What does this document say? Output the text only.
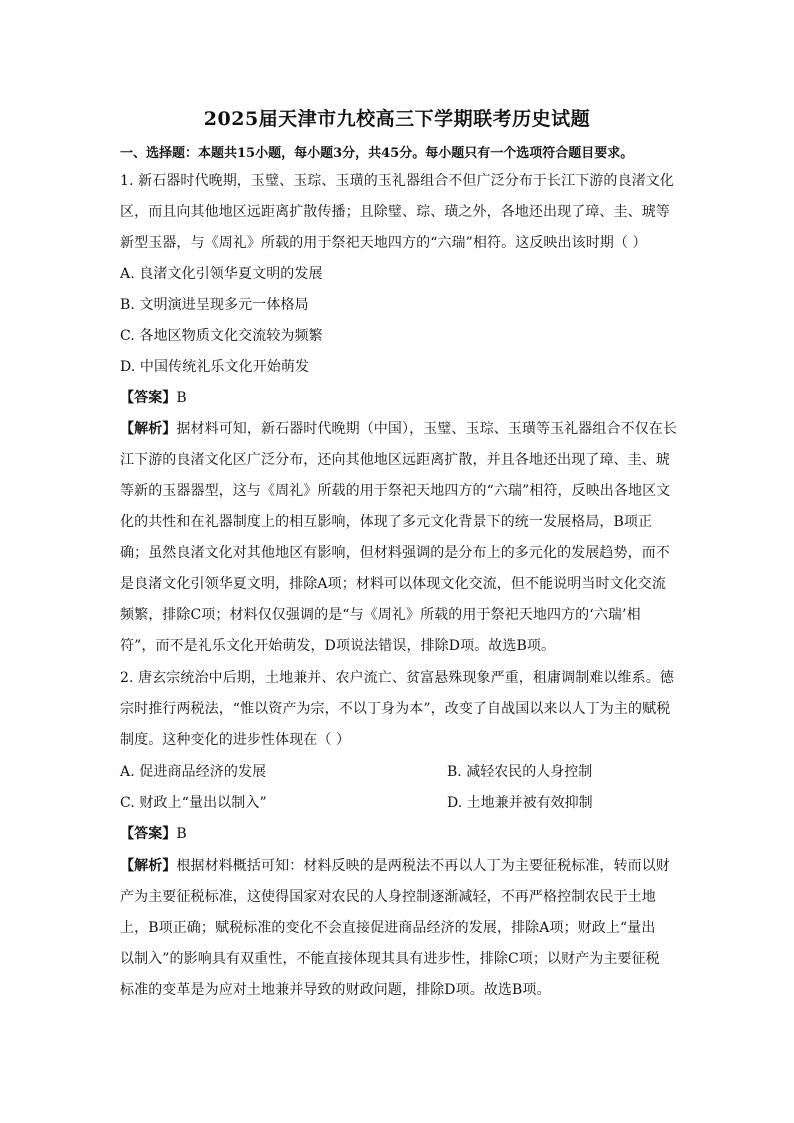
2025届天津市九校高三下学期联考历史试题
一、选择题：本题共15小题，每小题3分，共45分。每小题只有一个选项符合题目要求。
1. 新石器时代晚期，玉璧、玉琮、玉璜的玉礼器组合不但广泛分布于长江下游的良渚文化
区，而且向其他地区远距离扩散传播；且除璧、琮、璜之外，各地还出现了璋、圭、琥等
新型玉器，与《周礼》所载的用于祭祀天地四方的“六瑞”相符。这反映出该时期（ ）
A. 良渚文化引领华夏文明的发展
B. 文明演进呈现多元一体格局
C. 各地区物质文化交流较为频繁
D. 中国传统礼乐文化开始萌发
【答案】B
【解析】据材料可知，新石器时代晚期（中国），玉璧、玉琮、玉璜等玉礼器组合不仅在长
江下游的良渚文化区广泛分布，还向其他地区远距离扩散，并且各地还出现了璋、圭、琥
等新的玉器器型，这与《周礼》所载的用于祭祀天地四方的“六瑞”相符，反映出各地区文
化的共性和在礼器制度上的相互影响，体现了多元文化背景下的统一发展格局，B项正
确；虽然良渚文化对其他地区有影响，但材料强调的是分布上的多元化的发展趋势，而不
是良渚文化引领华夏文明，排除A项；材料可以体现文化交流，但不能说明当时文化交流
频繁，排除C项；材料仅仅强调的是“与《周礼》所载的用于祭祀天地四方的‘六瑞’相
符”，而不是礼乐文化开始萌发，D项说法错误，排除D项。故选B项。
2. 唐玄宗统治中后期，土地兼并、农户流亡、贫富悬殊现象严重，租庸调制难以维系。德
宗时推行两税法，“惟以资产为宗，不以丁身为本”，改变了自战国以来以人丁为主的赋税
制度。这种变化的进步性体现在（ ）
A. 促进商品经济的发展	B. 减轻农民的人身控制
C. 财政上“量出以制入”	D. 土地兼并被有效抑制
【答案】B
【解析】根据材料概括可知：材料反映的是两税法不再以人丁为主要征税标准，转而以财
产为主要征税标准，这使得国家对农民的人身控制逐渐减轻，不再严格控制农民于土地
上，B项正确；赋税标准的变化不会直接促进商品经济的发展，排除A项；财政上“量出
以制入”的影响具有双重性，不能直接体现其具有进步性，排除C项；以财产为主要征税
标准的变革是为应对土地兼并导致的财政问题，排除D项。故选B项。
